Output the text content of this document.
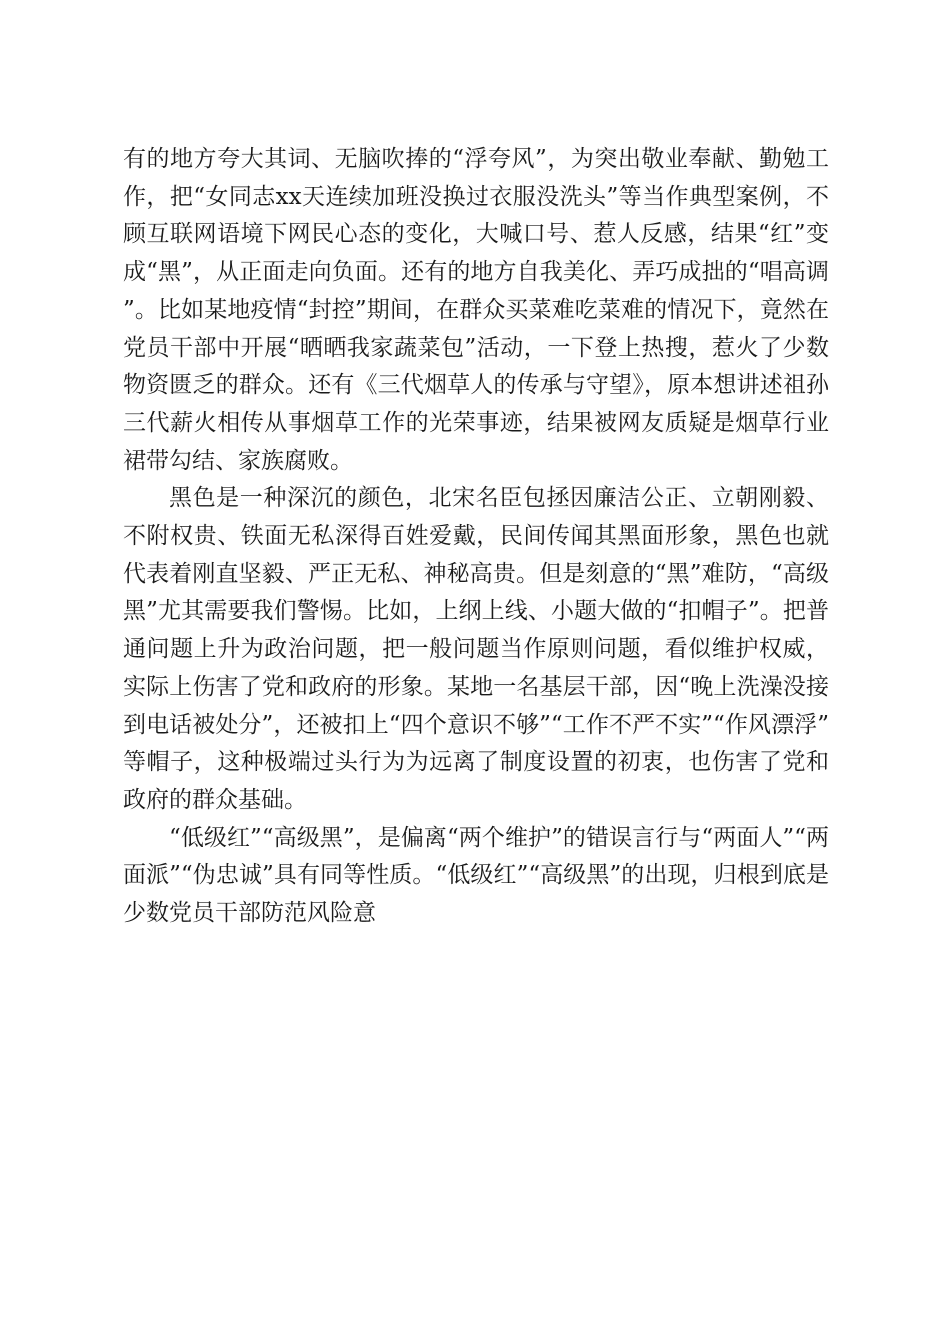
有的地方夸大其词、无脑吹捧的“浮夸风”，为突出敬业奉献、勤勉工作，把“女同志xx天连续加班没换过衣服没洗头”等当作典型案例，不顾互联网语境下网民心态的变化，大喊口号、惹人反感，结果“红”变成“黑”，从正面走向负面。还有的地方自我美化、弄巧成拙的“唱高调”。比如某地疫情“封控”期间，在群众买菜难吃菜难的情况下，竟然在党员干部中开展“晒晒我家蔬菜包”活动，一下登上热搜，惹火了少数物资匮乏的群众。还有《三代烟草人的传承与守望》，原本想讲述祖孙三代薪火相传从事烟草工作的光荣事迹，结果被网友质疑是烟草行业裙带勾结、家族腐败。

黑色是一种深沉的颜色，北宋名臣包拯因廉洁公正、立朝刚毅、不附权贵、铁面无私深得百姓爱戴，民间传闻其黑面形象，黑色也就代表着刚直坚毅、严正无私、神秘高贵。但是刻意的“黑”难防，“高级黑”尤其需要我们警惕。比如，上纲上线、小题大做的“扣帽子”。把普通问题上升为政治问题，把一般问题当作原则问题，看似维护权威，实际上伤害了党和政府的形象。某地一名基层干部，因“晚上洗澡没接到电话被处分”，还被扣上“四个意识不够”“工作不严不实”“作风漂浮”等帽子，这种极端过头行为为远离了制度设置的初衷，也伤害了党和政府的群众基础。

“低级红”“高级黑”，是偏离“两个维护”的错误言行与“两面人”“两面派”“伪忠诚”具有同等性质。“低级红”“高级黑”的出现，归根到底是少数党员干部防范风险意
